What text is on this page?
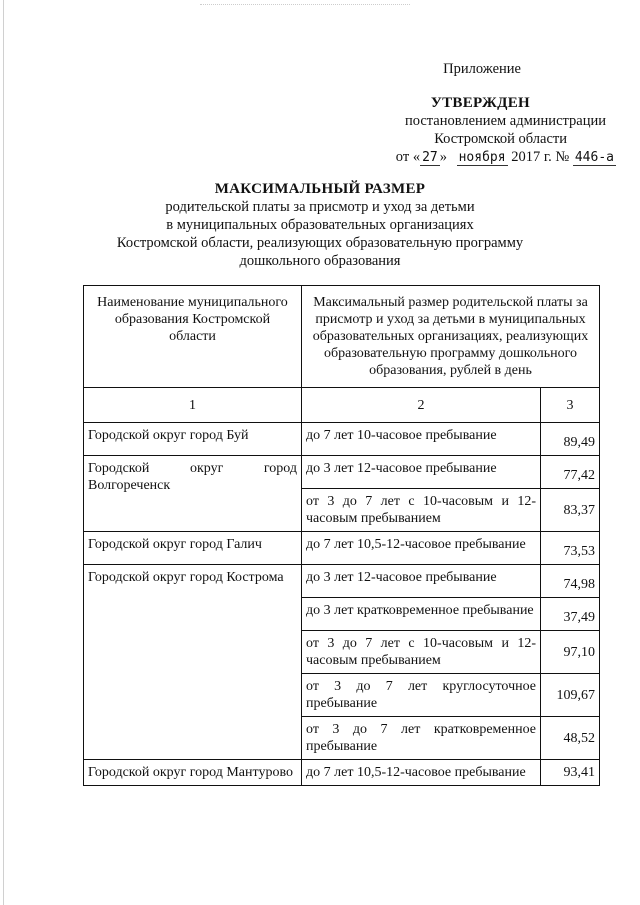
Приложение
УТВЕРЖДЕН
постановлением администрации
Костромской области
от « 27 » ноября 2017 г. № 446-а
МАКСИМАЛЬНЫЙ РАЗМЕР
родительской платы за присмотр и уход за детьми
в муниципальных образовательных организациях
Костромской области, реализующих образовательную программу
дошкольного образования
Наименование муниципального образования Костромской области	Максимальный размер родительской платы за присмотр и уход за детьми в муниципальных образовательных организациях, реализующих образовательную программу дошкольного образования, рублей в день	
1	2	3
Городской округ город Буй	до 7 лет 10-часовое пребывание	89,49
Городской округ город Волгореченск	до 3 лет 12-часовое пребывание	77,42
	от 3 до 7 лет с 10-часовым и 12-часовым пребыванием	83,37
Городской округ город Галич	до 7 лет 10,5-12-часовое пребывание	73,53
Городской округ город Кострома	до 3 лет 12-часовое пребывание	74,98
	до 3 лет кратковременное пребывание	37,49
	от 3 до 7 лет с 10-часовым и 12-часовым пребыванием	97,10
	от 3 до 7 лет круглосуточное пребывание	109,67
	от 3 до 7 лет кратковременное пребывание	48,52
Городской округ город Мантурово	до 7 лет 10,5-12-часовое пребывание	93,41
